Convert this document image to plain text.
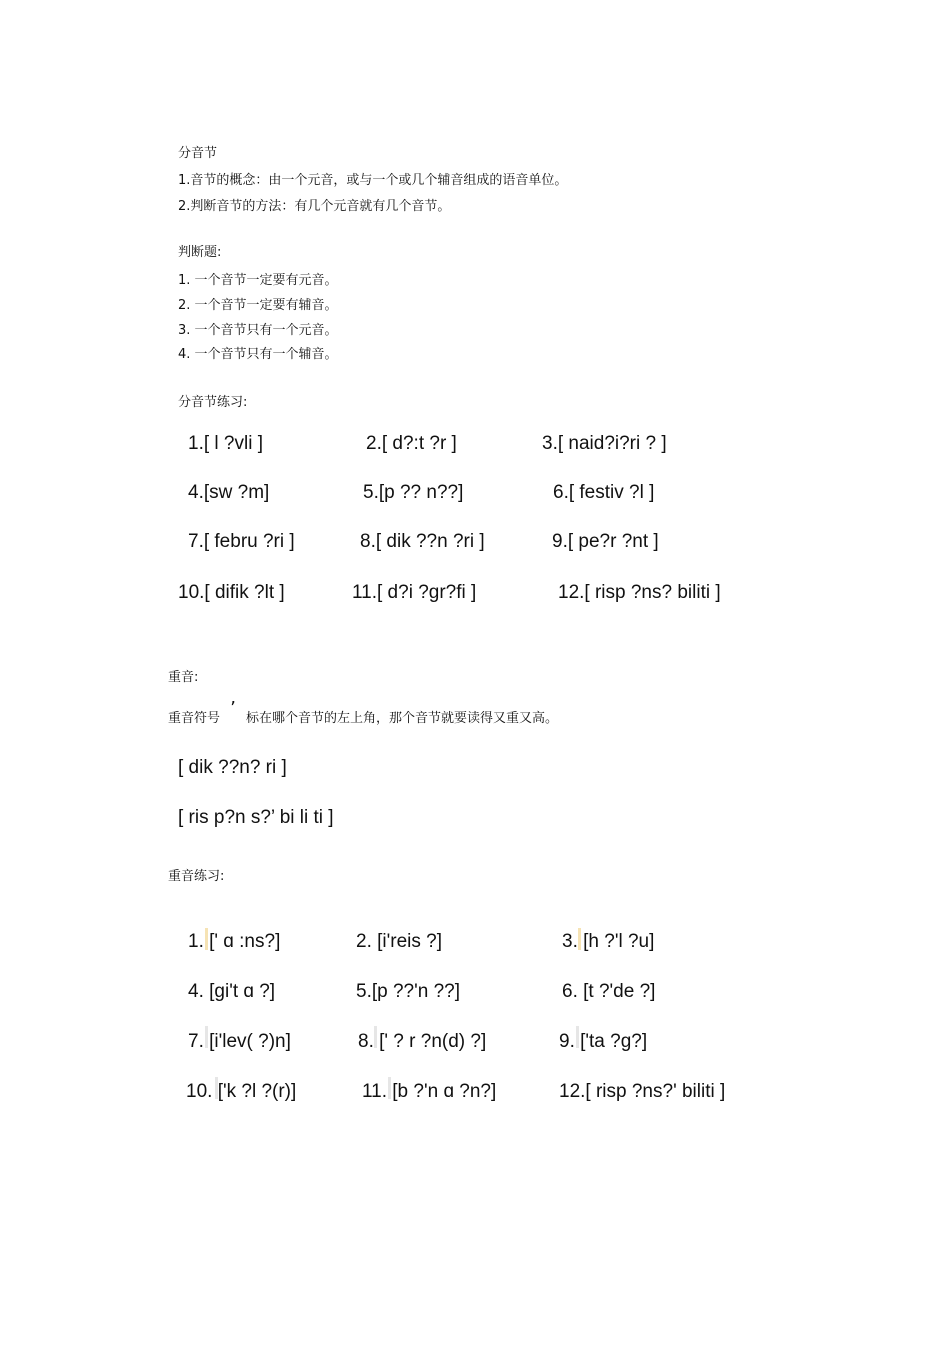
分音节
1.音节的概念：由一个元音，或与一个或几个辅音组成的语音单位。
2.判断音节的方法：有几个元音就有几个音节。
判断题:
1. 一个音节一定要有元音。
2. 一个音节一定要有辅音。
3. 一个音节只有一个元音。
4. 一个音节只有一个辅音。
分音节练习:
1.[ l ?vli ]	2.[ d?:t ?r ]	3.[ naid?i?ri ? ]
4.[sw ?m]	5.[p ?? n??]	6.[ festiv ?l ]
7.[ febru ?ri ]	8.[ dik ??n ?ri ]	9.[ pe?r ?nt ]
10.[ difik ?lt ]	11.[ d?i ?gr?fi ]	12.[ risp ?ns? biliti ]
重音:
重音符号 ’ 标在哪个音节的左上角，那个音节就要读得又重又高。
[ dik ??n? ri ]
[ ris p?n s?’ bi li ti ]
重音练习:
1. [' ɑ :ns?]	2. [i'reis ?]	3. [h ?'l ?u]
4. [gi't ɑ ?]	5.[p ??'n ??]	6. [t ?'de ?]
7. [i'lev( ?)n]	8. [' ? r ?n(d) ?]	9. ['ta ?g?]
10. ['k ?l ?(r)]	11. [b ?'n ɑ ?n?]	12.[ risp ?ns?' biliti ]
